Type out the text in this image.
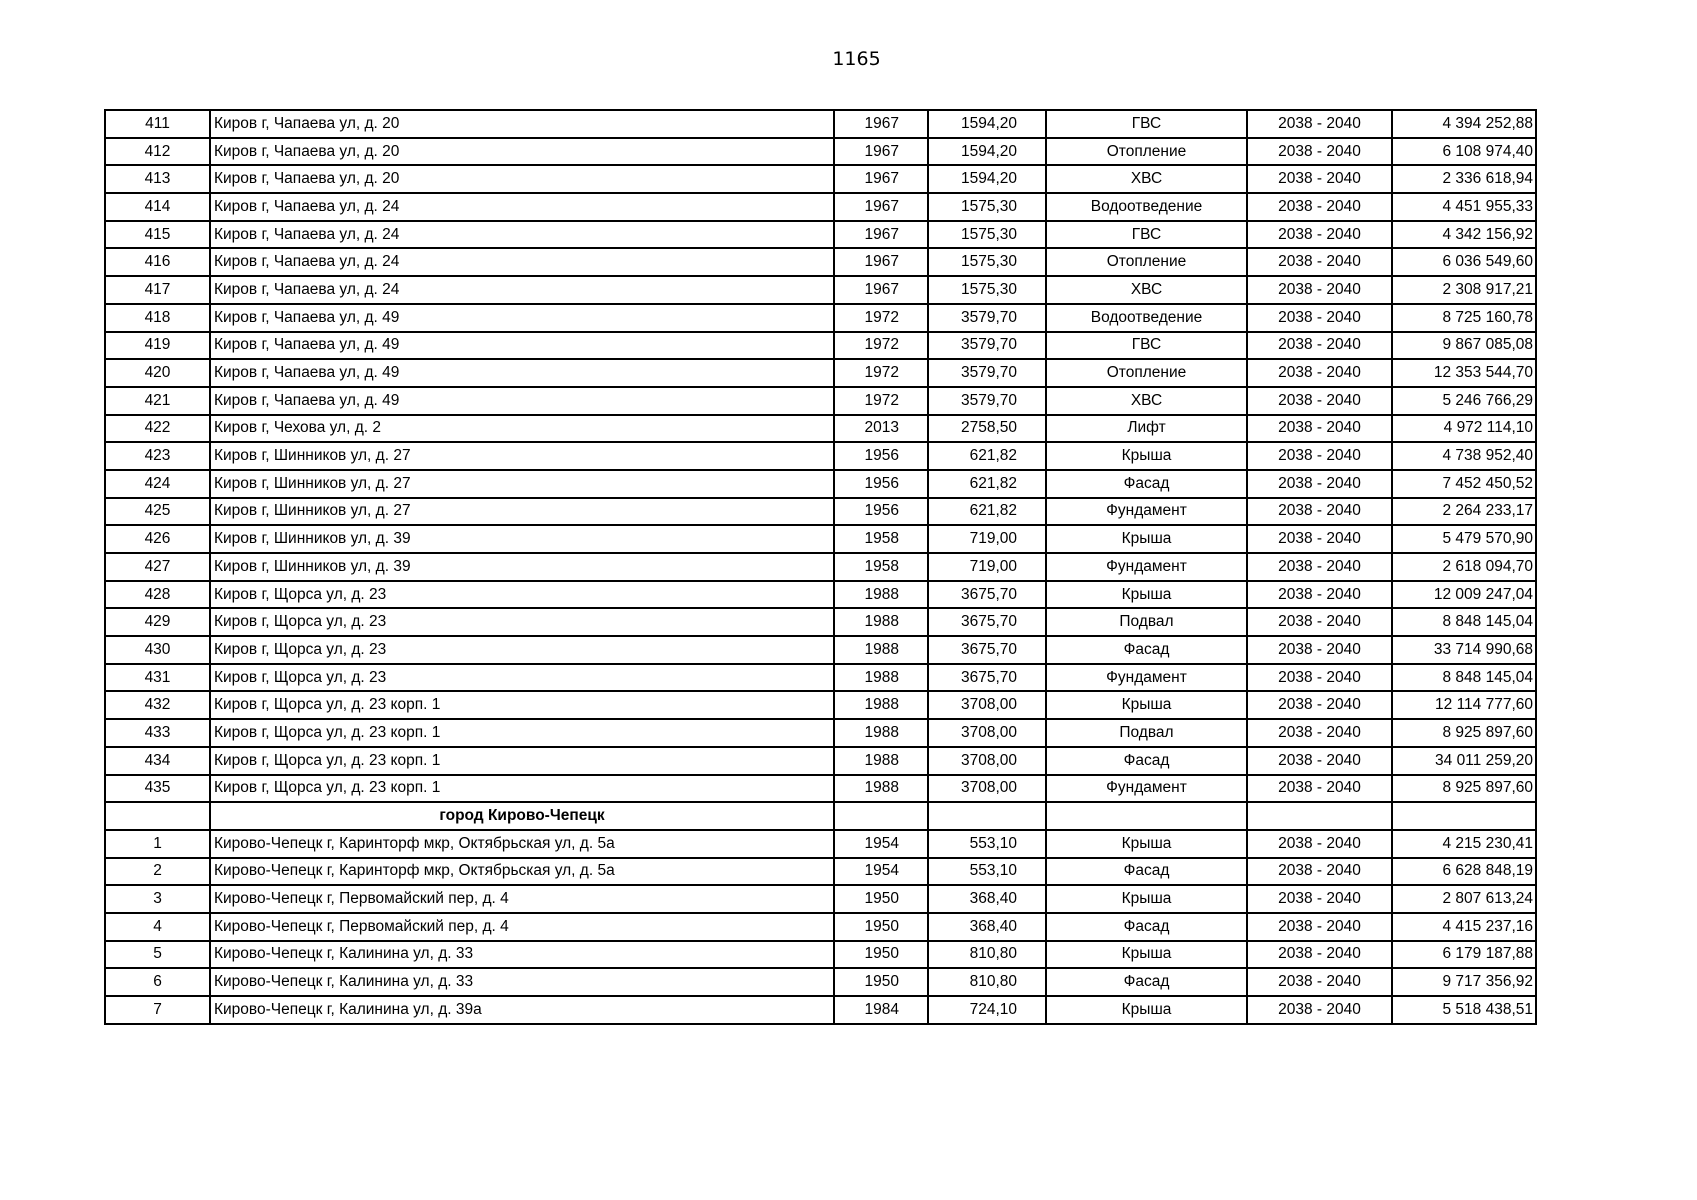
1165
411	Киров г, Чапаева ул, д. 20	1967	1594,20	ГВС	2038 - 2040	4 394 252,88
412	Киров г, Чапаева ул, д. 20	1967	1594,20	Отопление	2038 - 2040	6 108 974,40
413	Киров г, Чапаева ул, д. 20	1967	1594,20	ХВС	2038 - 2040	2 336 618,94
414	Киров г, Чапаева ул, д. 24	1967	1575,30	Водоотведение	2038 - 2040	4 451 955,33
415	Киров г, Чапаева ул, д. 24	1967	1575,30	ГВС	2038 - 2040	4 342 156,92
416	Киров г, Чапаева ул, д. 24	1967	1575,30	Отопление	2038 - 2040	6 036 549,60
417	Киров г, Чапаева ул, д. 24	1967	1575,30	ХВС	2038 - 2040	2 308 917,21
418	Киров г, Чапаева ул, д. 49	1972	3579,70	Водоотведение	2038 - 2040	8 725 160,78
419	Киров г, Чапаева ул, д. 49	1972	3579,70	ГВС	2038 - 2040	9 867 085,08
420	Киров г, Чапаева ул, д. 49	1972	3579,70	Отопление	2038 - 2040	12 353 544,70
421	Киров г, Чапаева ул, д. 49	1972	3579,70	ХВС	2038 - 2040	5 246 766,29
422	Киров г, Чехова ул, д. 2	2013	2758,50	Лифт	2038 - 2040	4 972 114,10
423	Киров г, Шинников ул, д. 27	1956	621,82	Крыша	2038 - 2040	4 738 952,40
424	Киров г, Шинников ул, д. 27	1956	621,82	Фасад	2038 - 2040	7 452 450,52
425	Киров г, Шинников ул, д. 27	1956	621,82	Фундамент	2038 - 2040	2 264 233,17
426	Киров г, Шинников ул, д. 39	1958	719,00	Крыша	2038 - 2040	5 479 570,90
427	Киров г, Шинников ул, д. 39	1958	719,00	Фундамент	2038 - 2040	2 618 094,70
428	Киров г, Щорса ул, д. 23	1988	3675,70	Крыша	2038 - 2040	12 009 247,04
429	Киров г, Щорса ул, д. 23	1988	3675,70	Подвал	2038 - 2040	8 848 145,04
430	Киров г, Щорса ул, д. 23	1988	3675,70	Фасад	2038 - 2040	33 714 990,68
431	Киров г, Щорса ул, д. 23	1988	3675,70	Фундамент	2038 - 2040	8 848 145,04
432	Киров г, Щорса ул, д. 23 корп. 1	1988	3708,00	Крыша	2038 - 2040	12 114 777,60
433	Киров г, Щорса ул, д. 23 корп. 1	1988	3708,00	Подвал	2038 - 2040	8 925 897,60
434	Киров г, Щорса ул, д. 23 корп. 1	1988	3708,00	Фасад	2038 - 2040	34 011 259,20
435	Киров г, Щорса ул, д. 23 корп. 1	1988	3708,00	Фундамент	2038 - 2040	8 925 897,60
	город Кирово-Чепецк					
1	Кирово-Чепецк г, Каринторф мкр, Октябрьская ул, д. 5а	1954	553,10	Крыша	2038 - 2040	4 215 230,41
2	Кирово-Чепецк г, Каринторф мкр, Октябрьская ул, д. 5а	1954	553,10	Фасад	2038 - 2040	6 628 848,19
3	Кирово-Чепецк г, Первомайский пер, д. 4	1950	368,40	Крыша	2038 - 2040	2 807 613,24
4	Кирово-Чепецк г, Первомайский пер, д. 4	1950	368,40	Фасад	2038 - 2040	4 415 237,16
5	Кирово-Чепецк г, Калинина ул, д. 33	1950	810,80	Крыша	2038 - 2040	6 179 187,88
6	Кирово-Чепецк г, Калинина ул, д. 33	1950	810,80	Фасад	2038 - 2040	9 717 356,92
7	Кирово-Чепецк г, Калинина ул, д. 39а	1984	724,10	Крыша	2038 - 2040	5 518 438,51
